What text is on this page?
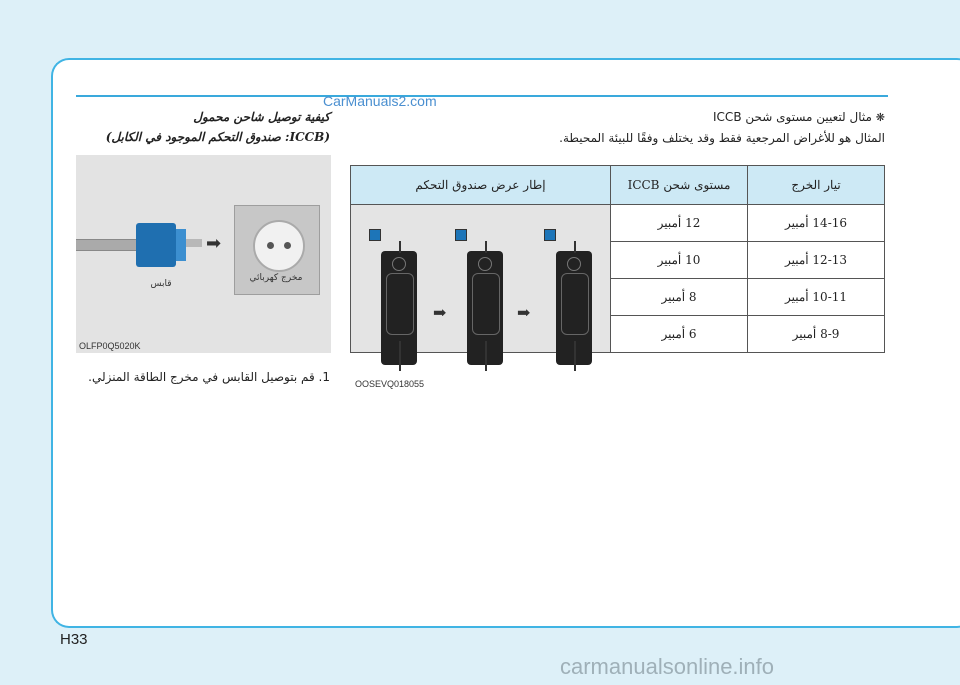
CarManuals2.com
كيفية توصيل شاحن محمول
(ICCB: صندوق التحكم الموجود في الكابل)
قابس
➡
مخرج كهربائي
OLFP0Q5020K
1. قم بتوصيل القابس في مخرج الطاقة المنزلي.
❋ مثال لتعيين مستوى شحن ICCB
المثال هو للأغراض المرجعية فقط وقد يختلف وفقًا للبيئة المحيطة.
تيار الخرج	مستوى شحن ICCB	إطار عرض صندوق التحكم
14-16 أمبير	12 أمبير	➡ ➡
OOSEVQ018055

12-13 أمبير	10 أمبير	
10-11 أمبير	8 أمبير	
8-9 أمبير	6 أمبير	
H33
carmanualsonline.info
